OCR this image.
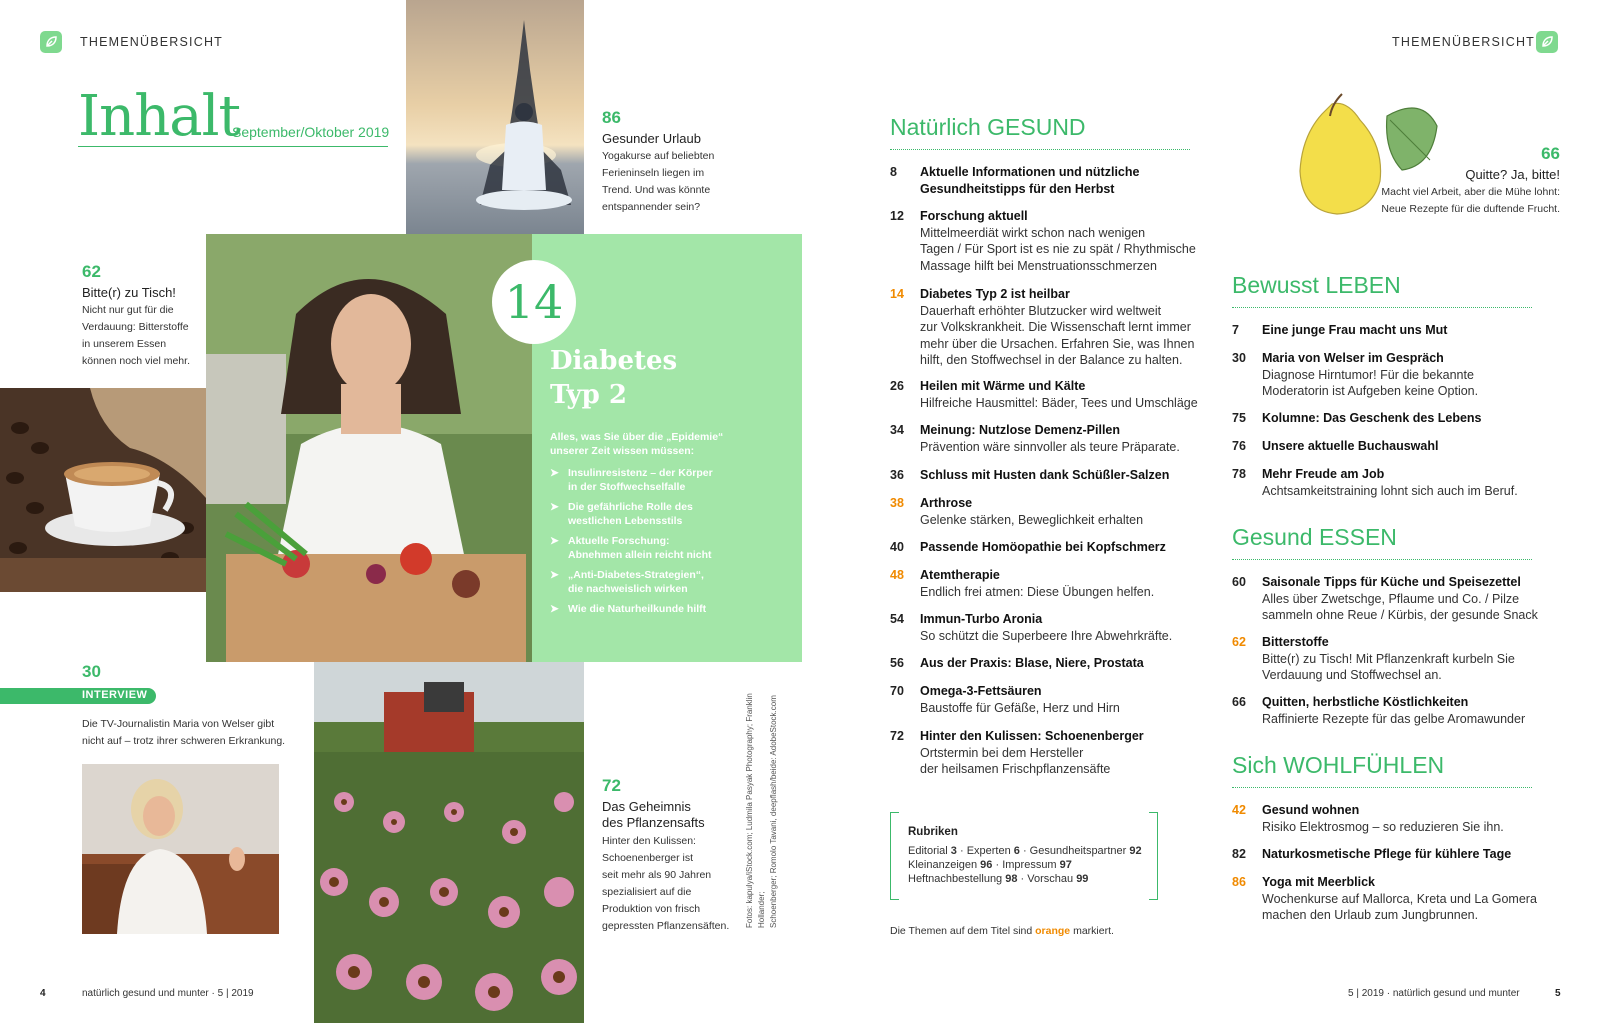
THEMENÜBERSICHT
Inhalt
September/Oktober 2019
86
Gesunder Urlaub
Yogakurse auf beliebten
Ferieninseln liegen im
Trend. Und was könnte
entspannender sein?
62
Bitte(r) zu Tisch!
Nicht nur gut für die
Verdauung: Bitterstoffe
in unserem Essen
können noch viel mehr.
14
Diabetes
Typ 2
Alles, was Sie über die „Epidemie“
unserer Zeit wissen müssen:
➤ Insulinresistenz – der Körper
in der Stoffwechselfalle
➤ Die gefährliche Rolle des
westlichen Lebensstils
➤ Aktuelle Forschung:
Abnehmen allein reicht nicht
➤ „Anti-Diabetes-Strategien“,
die nachweislich wirken
➤ Wie die Naturheilkunde hilft
30
INTERVIEW
Die TV-Journalistin Maria von Welser gibt
nicht auf – trotz ihrer schweren Erkrankung.
72
Das Geheimnis
des Pflanzensafts
Hinter den Kulissen:
Schoenenberger ist
seit mehr als 90 Jahren
spezialisiert auf die
Produktion von frisch
gepressten Pflanzensäften. Fotos: kapulya/iStock.com; Ludmila Pasyak Photography; Franklin Hollander; Schoenberger; Romolo Tavani, deepflash/beide: AdobeStock.com
4	natürlich gesund und munter · 5 | 2019
THEMENÜBERSICHT
66
Quitte? Ja, bitte!
Macht viel Arbeit, aber die Mühe lohnt:
Neue Rezepte für die duftende Frucht.
Natürlich GESUND
8	Aktuelle Informationen und nützliche
Gesundheitstipps für den Herbst
12	Forschung aktuell
Mittelmeerdiät wirkt schon nach wenigen
Tagen / Für Sport ist es nie zu spät / Rhythmische
Massage hilft bei Menstruationsschmerzen
14	Diabetes Typ 2 ist heilbar
Dauerhaft erhöhter Blutzucker wird weltweit
zur Volkskrankheit. Die Wissenschaft lernt immer
mehr über die Ursachen. Erfahren Sie, was Ihnen
hilft, den Stoffwechsel in der Balance zu halten.
26	Heilen mit Wärme und Kälte
Hilfreiche Hausmittel: Bäder, Tees und Umschläge
34	Meinung: Nutzlose Demenz-Pillen
Prävention wäre sinnvoller als teure Präparate.
36	Schluss mit Husten dank Schüßler-Salzen
38	Arthrose
Gelenke stärken, Beweglichkeit erhalten
40	Passende Homöopathie bei Kopfschmerz
48	Atemtherapie
Endlich frei atmen: Diese Übungen helfen.
54	Immun-Turbo Aronia
So schützt die Superbeere Ihre Abwehrkräfte.
56	Aus der Praxis: Blase, Niere, Prostata
70	Omega-3-Fettsäuren
Baustoffe für Gefäße, Herz und Hirn
72	Hinter den Kulissen: Schoenenberger
Ortstermin bei dem Hersteller
der heilsamen Frischpflanzensäfte
Bewusst LEBEN
7	Eine junge Frau macht uns Mut
30	Maria von Welser im Gespräch
Diagnose Hirntumor! Für die bekannte
Moderatorin ist Aufgeben keine Option.
75	Kolumne: Das Geschenk des Lebens
76	Unsere aktuelle Buchauswahl
78	Mehr Freude am Job
Achtsamkeitstraining lohnt sich auch im Beruf.
Gesund ESSEN
60	Saisonale Tipps für Küche und Speisezettel
Alles über Zwetschge, Pflaume und Co. / Pilze
sammeln ohne Reue / Kürbis, der gesunde Snack
62	Bitterstoffe
Bitte(r) zu Tisch! Mit Pflanzenkraft kurbeln Sie
Verdauung und Stoffwechsel an.
66	Quitten, herbstliche Köstlichkeiten
Raffinierte Rezepte für das gelbe Aromawunder
Sich WOHLFÜHLEN
42	Gesund wohnen
Risiko Elektrosmog – so reduzieren Sie ihn.
82	Naturkosmetische Pflege für kühlere Tage
86	Yoga mit Meerblick
Wochenkurse auf Mallorca, Kreta und La Gomera
machen den Urlaub zum Jungbrunnen.
Rubriken
Editorial 3 · Experten 6 · Gesundheitspartner 92
Kleinanzeigen 96 · Impressum 97
Heftnachbestellung 98 · Vorschau 99
Die Themen auf dem Titel sind orange markiert.
5 | 2019 · natürlich gesund und munter	5
